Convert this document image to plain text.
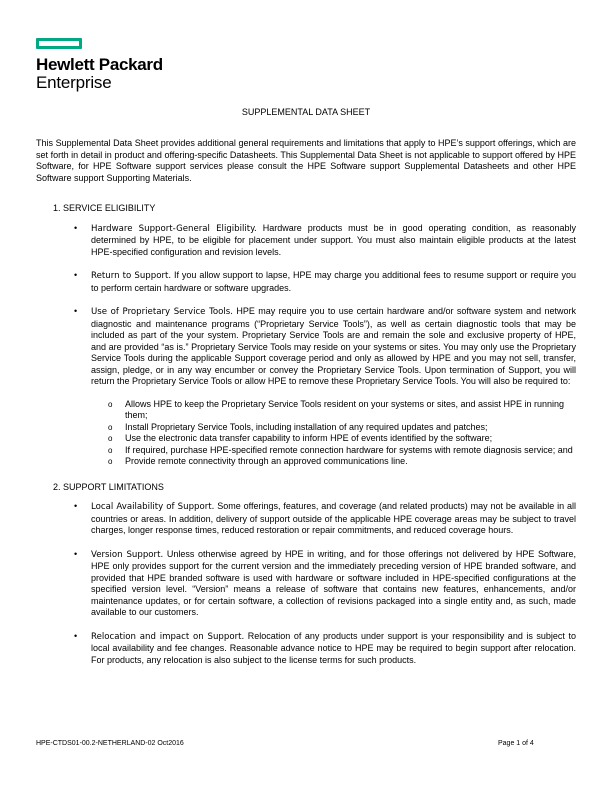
Hewlett Packard
Enterprise
SUPPLEMENTAL DATA SHEET

This Supplemental Data Sheet provides additional general requirements and limitations that apply to HPE’s support offerings, which are set forth in detail in product and offering-specific Datasheets. This Supplemental Data Sheet is not applicable to support offered by HPE Software, for HPE Software support services please consult the HPE Software support Supplemental Datasheets and other HPE Software support Supporting Materials.

1. SERVICE ELIGIBILITY

• Hardware Support-General Eligibility. Hardware products must be in good operating condition, as reasonably determined by HPE, to be eligible for placement under support. You must also maintain eligible products at the latest HPE-specified configuration and revision levels.
• Return to Support. If you allow support to lapse, HPE may charge you additional fees to resume support or require you to perform certain hardware or software upgrades.
• Use of Proprietary Service Tools. HPE may require you to use certain hardware and/or software system and network diagnostic and maintenance programs (“Proprietary Service Tools”), as well as certain diagnostic tools that may be included as part of the your system. Proprietary Service Tools are and remain the sole and exclusive property of HPE, and are provided “as is.” Proprietary Service Tools may reside on your systems or sites. You may only use the Proprietary Service Tools during the applicable Support coverage period and only as allowed by HPE and you may not sell, transfer, assign, pledge, or in any way encumber or convey the Proprietary Service Tools. Upon termination of Support, you will return the Proprietary Service Tools or allow HPE to remove these Proprietary Service Tools. You will also be required to:
o Allows HPE to keep the Proprietary Service Tools resident on your systems or sites, and assist HPE in running them;
o Install Proprietary Service Tools, including installation of any required updates and patches;
o Use the electronic data transfer capability to inform HPE of events identified by the software;
o If required, purchase HPE-specified remote connection hardware for systems with remote diagnosis service; and
o Provide remote connectivity through an approved communications line.

2. SUPPORT LIMITATIONS

• Local Availability of Support. Some offerings, features, and coverage (and related products) may not be available in all countries or areas. In addition, delivery of support outside of the applicable HPE coverage areas may be subject to travel charges, longer response times, reduced restoration or repair commitments, and reduced coverage hours.
• Version Support. Unless otherwise agreed by HPE in writing, and for those offerings not delivered by HPE Software, HPE only provides support for the current version and the immediately preceding version of HPE branded software, and provided that HPE branded software is used with hardware or software included in HPE-specified configurations at the specified version level. “Version” means a release of software that contains new features, enhancements, and/or maintenance updates, or for certain software, a collection of revisions packaged into a single entity and, as such, made available to our customers.
• Relocation and impact on Support. Relocation of any products under support is your responsibility and is subject to local availability and fee changes. Reasonable advance notice to HPE may be required to begin support after relocation. For products, any relocation is also subject to the license terms for such products.
HPE-CTDS01-00.2-NETHERLAND-02 Oct2016	Page 1 of 4
